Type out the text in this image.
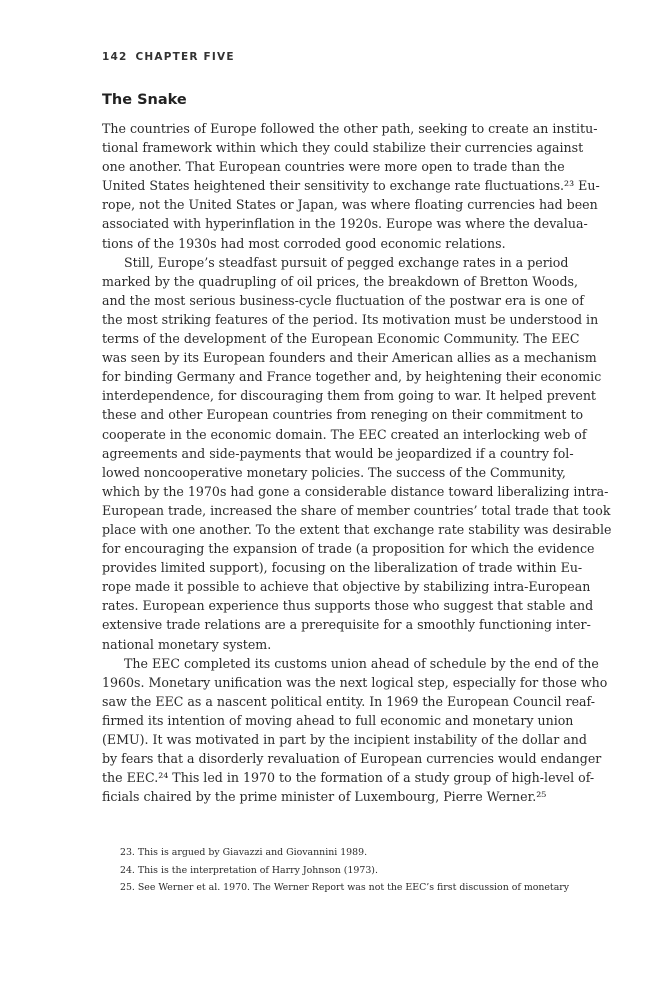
142 CHAPTER FIVE
The Snake
The countries of Europe followed the other path, seeking to create an institu-
tional framework within which they could stabilize their currencies against
one another. That European countries were more open to trade than the
United States heightened their sensitivity to exchange rate fluctuations.²³ Eu-
rope, not the United States or Japan, was where floating currencies had been
associated with hyperinflation in the 1920s. Europe was where the devalua-
tions of the 1930s had most corroded good economic relations.
Still, Europe’s steadfast pursuit of pegged exchange rates in a period
marked by the quadrupling of oil prices, the breakdown of Bretton Woods,
and the most serious business-cycle fluctuation of the postwar era is one of
the most striking features of the period. Its motivation must be understood in
terms of the development of the European Economic Community. The EEC
was seen by its European founders and their American allies as a mechanism
for binding Germany and France together and, by heightening their economic
interdependence, for discouraging them from going to war. It helped prevent
these and other European countries from reneging on their commitment to
cooperate in the economic domain. The EEC created an interlocking web of
agreements and side-payments that would be jeopardized if a country fol-
lowed noncooperative monetary policies. The success of the Community,
which by the 1970s had gone a considerable distance toward liberalizing intra-
European trade, increased the share of member countries’ total trade that took
place with one another. To the extent that exchange rate stability was desirable
for encouraging the expansion of trade (a proposition for which the evidence
provides limited support), focusing on the liberalization of trade within Eu-
rope made it possible to achieve that objective by stabilizing intra-European
rates. European experience thus supports those who suggest that stable and
extensive trade relations are a prerequisite for a smoothly functioning inter-
national monetary system.
The EEC completed its customs union ahead of schedule by the end of the
1960s. Monetary unification was the next logical step, especially for those who
saw the EEC as a nascent political entity. In 1969 the European Council reaf-
firmed its intention of moving ahead to full economic and monetary union
(EMU). It was motivated in part by the incipient instability of the dollar and
by fears that a disorderly revaluation of European currencies would endanger
the EEC.²⁴ This led in 1970 to the formation of a study group of high-level of-
ficials chaired by the prime minister of Luxembourg, Pierre Werner.²⁵
23. This is argued by Giavazzi and Giovannini 1989.
24. This is the interpretation of Harry Johnson (1973).
25. See Werner et al. 1970. The Werner Report was not the EEC’s first discussion of monetary
